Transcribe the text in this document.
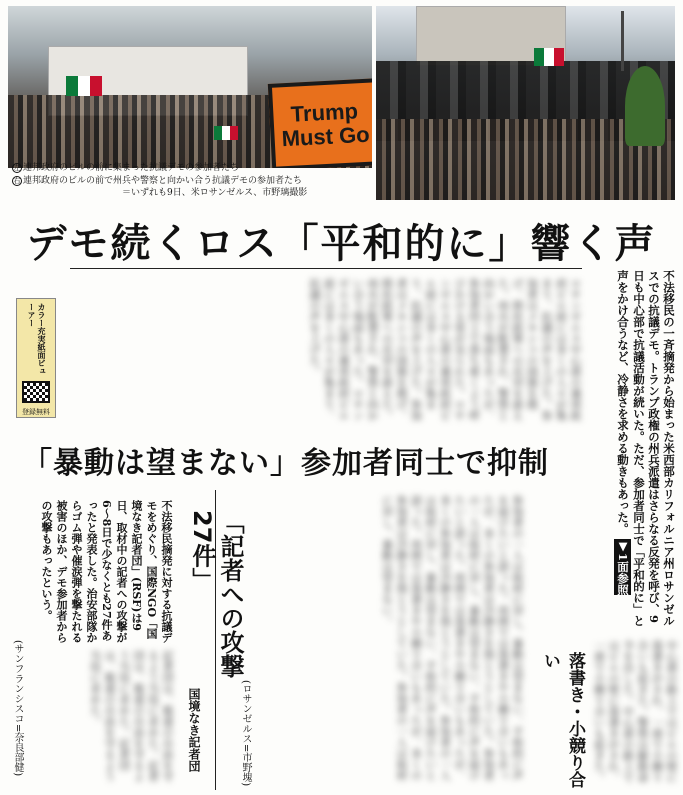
Trump
Must Go
左 連邦政府のビルの前に集まった抗議デモの参加者たち
右 連邦政府のビルの前で州兵や警察と向かい合う抗議デモの参加者たち
＝いずれも9日、米ロサンゼルス、市野璃撮影
デモ続くロス「平和的に」響く声
不法移民の一斉摘発から始まった米西部カリフォルニア州ロサンゼルスでの抗議デモ。トランプ政権の州兵派遣はさらなる反発を呼び、9日も中心部で抗議活動が続いた。ただ、参加者同士で「平和的に」と声をかけ合うなど、冷静さを求める動きもあった。 ▼1面参照
ロサンゼルス中心部の連邦政府ビル前には多くの人々が集まり、抗議の声を上げた。参加者はメキシコの国旗を掲げ、移民政策への反対を訴えた。州兵が配置され、警察と向かい合う場面もあったが、参加者同士で落ち着くよう呼びかける姿が見られた。ロサンゼルス中心部の連邦政府ビル前には多くの人々が集まり、抗議の声を上げた。参加者はメキシコの国旗を掲げ、移民政策への反対を訴えた。州兵が配置され、警察と向かい合う場面もあった。ロサンゼルス中心部の連邦政府ビル前には多くの人々が集まり、抗議の声を上げた。
参加者の一人は取材に対し、暴動は望まない、平和的に声を届けたいと語った。周囲では落書きや小競り合いもあったが、多くの参加者は冷静さを保とうとしていた。参加者の一人は取材に対し、暴動は望まない、平和的に声を届けたいと語った。周囲では落書きや小競り合いもあったが、多くの参加者は冷静さを保とうとしていた。参加者の一人は取材に対し、暴動は望まない、平和的に声を届けたいと語った。周囲では落書きや小競り合いもあったが、多くの参加者は冷静さを保とうとしていた。参加者の一人は取材に対し、暴動は望まない。
中心部の路上ではビルの壁に落書きがされ、一部で小競り合いも起きた。警察は解散命令を出した。中心部の路上ではビルの壁に落書きがされ、一部で小競り合いも起きた。
カラー充実紙面ビューアー
登録無料
「暴動は望まない」参加者同士で抑制
「記者への攻撃27件」
国境なき記者団
不法移民摘発に対する抗議デモをめぐり、国際NGO「国境なき記者団」(RSF)は9日、取材中の記者への攻撃が6〜8日で少なくとも27件あったと発表した。治安部隊からゴム弾や催涙弾を撃たれる被害のほか、デモ参加者からの攻撃もあったという。
記者団は、報道の自由を守るよう当局に求めた。記者団は、報道の自由を守るよう当局に求めた。記者団は、報道の自由を守るよう当局に求めた。
(サンフランシスコ=奈良部健)	(ロサンゼルス=市野塊)	落書き・小競り合い
